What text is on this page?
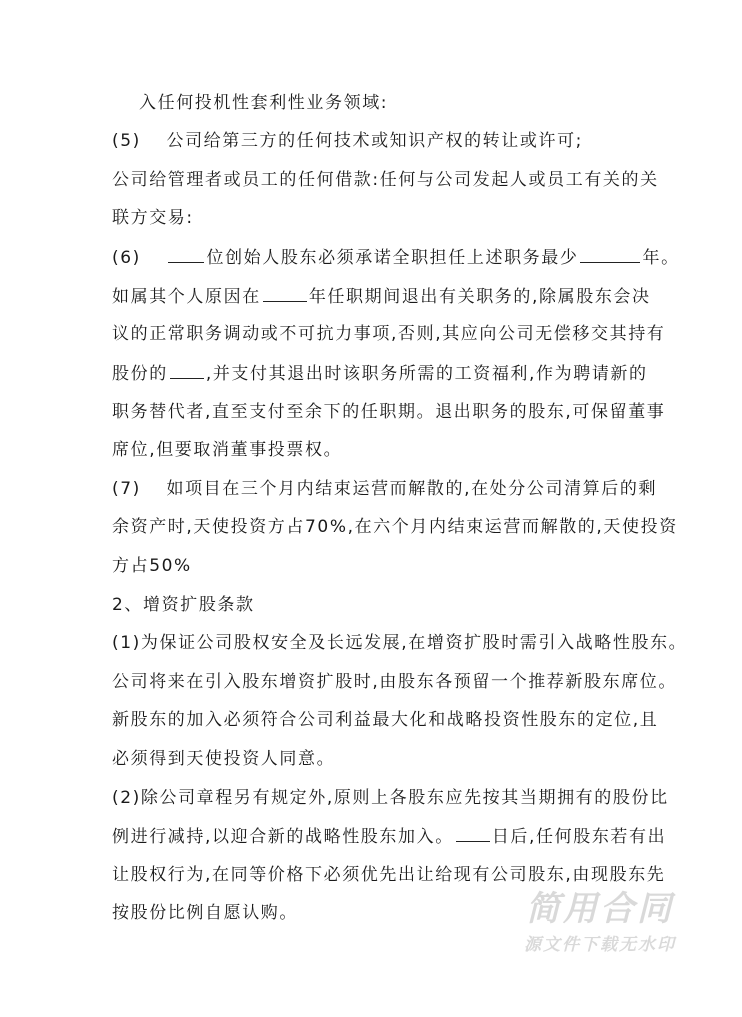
入任何投机性套利性业务领域:
(5)　 公司给第三方的任何技术或知识产权的转让或许可;
公司给管理者或员工的任何借款:任何与公司发起人或员工有关的关
联方交易:
(6)　 位创始人股东必须承诺全职担任上述职务最少	年。
如属其个人原因在	年任职期间退出有关职务的,除属股东会决
议的正常职务调动或不可抗力事项,否则,其应向公司无偿移交其持有
股份的 ,并支付其退出时该职务所需的工资福利,作为聘请新的
职务替代者,直至支付至余下的任职期。退出职务的股东,可保留董事
席位,但要取消董事投票权。
(7)　 如项目在三个月内结束运营而解散的,在处分公司清算后的剩
余资产时,天使投资方占70%,在六个月内结束运营而解散的,天使投资
方占50%
2、增资扩股条款
(1)为保证公司股权安全及长远发展,在增资扩股时需引入战略性股东。
公司将来在引入股东增资扩股时,由股东各预留一个推荐新股东席位。
新股东的加入必须符合公司利益最大化和战略投资性股东的定位,且
必须得到天使投资人同意。
(2)除公司章程另有规定外,原则上各股东应先按其当期拥有的股份比
例进行减持,以迎合新的战略性股东加入。 日后,任何股东若有出
让股权行为,在同等价格下必须优先出让给现有公司股东,由现股东先
按股份比例自愿认购。	简用合同
源文件下载无水印
